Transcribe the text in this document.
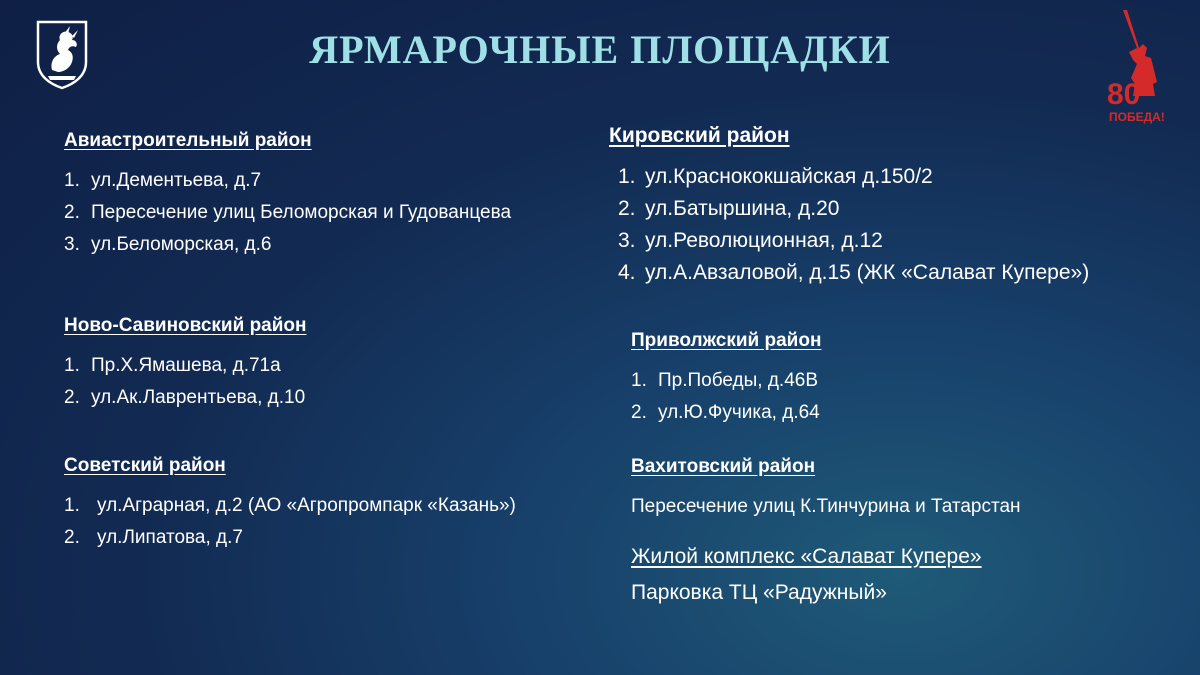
ЯРМАРОЧНЫЕ ПЛОЩАДКИ
80
ПОБЕДА!
Авиастроительный район
1. ул.Дементьева, д.7
2. Пересечение улиц Беломорская и Гудованцева
3. ул.Беломорская, д.6
Ново-Савиновский район
1. Пр.Х.Ямашева, д.71а
2. ул.Ак.Лаврентьева, д.10
Советский район
1. ул.Аграрная, д.2 (АО «Агропромпарк «Казань»)
2. ул.Липатова, д.7
Кировский район
1. ул.Краснококшайская д.150/2
2. ул.Батыршина, д.20
3. ул.Революционная, д.12
4. ул.А.Авзаловой, д.15 (ЖК «Салават Купере»)
Приволжский район
1. Пр.Победы, д.46В
2. ул.Ю.Фучика, д.64
Вахитовский район
Пересечение улиц К.Тинчурина и Татарстан
Жилой комплекс «Салават Купере»
Парковка ТЦ «Радужный»
